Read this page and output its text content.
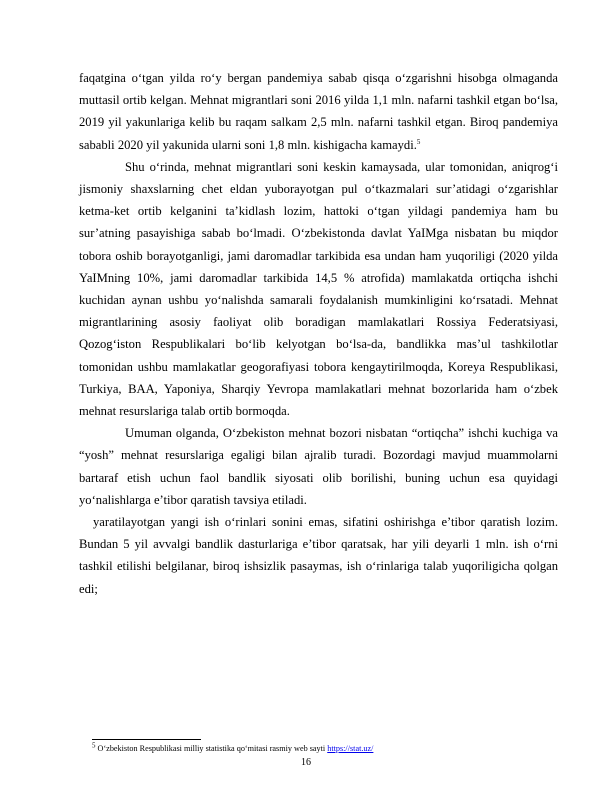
faqatgina o‘tgan yilda ro‘y bergan pandemiya sabab qisqa o‘zgarishni hisobga olmaganda muttasil ortib kelgan. Mehnat migrantlari soni 2016 yilda 1,1 mln. nafarni tashkil etgan bo‘lsa, 2019 yil yakunlariga kelib bu raqam salkam 2,5 mln. nafarni tashkil etgan. Biroq pandemiya sababli 2020 yil yakunida ularni soni 1,8 mln. kishigacha kamaydi.$^5$

Shu o‘rinda, mehnat migrantlari soni keskin kamaysada, ular tomonidan, aniqrog‘i jismoniy shaxslarning chet eldan yuborayotgan pul o‘tkazmalari sur’atidagi o‘zgarishlar ketma-ket ortib kelganini ta’kidlash lozim, hattoki o‘tgan yildagi pandemiya ham bu sur’atning pasayishiga sabab bo‘lmadi. O‘zbekistonda davlat YaIMga nisbatan bu miqdor tobora oshib borayotganligi, jami daromadlar tarkibida esa undan ham yuqoriligi (2020 yilda YaIMning 10%, jami daromadlar tarkibida 14,5 % atrofida) mamlakatda ortiqcha ishchi kuchidan aynan ushbu yo‘nalishda samarali foydalanish mumkinligini ko‘rsatadi. Mehnat migrantlarining asosiy faoliyat olib boradigan mamlakatlari Rossiya Federatsiyasi, Qozog‘iston Respublikalari bo‘lib kelyotgan bo‘lsa-da, bandlikka mas’ul tashkilotlar tomonidan ushbu mamlakatlar geogorafiyasi tobora kengaytirilmoqda, Koreya Respublikasi, Turkiya, BAA, Yaponiya, Sharqiy Yevropa mamlakatlari mehnat bozorlarida ham o‘zbek mehnat resurslariga talab ortib bormoqda.

Umuman olganda, O‘zbekiston mehnat bozori nisbatan “ortiqcha” ishchi kuchiga va “yosh” mehnat resurslariga egaligi bilan ajralib turadi. Bozordagi mavjud muammolarni bartaraf etish uchun faol bandlik siyosati olib borilishi, buning uchun esa quyidagi yo‘nalishlarga e’tibor qaratish tavsiya etiladi.

yaratilayotgan yangi ish o‘rinlari sonini emas, sifatini oshirishga e’tibor qaratish lozim. Bundan 5 yil avvalgi bandlik dasturlariga e’tibor qaratsak, har yili deyarli 1 mln. ish o‘rni tashkil etilishi belgilanar, biroq ishsizlik pasaymas, ish o‘rinlariga talab yuqoriligicha qolgan edi;

$^5$ O‘zbekiston Respublikasi milliy statistika qo‘mitasi rasmiy web sayti https://stat.uz/
16
